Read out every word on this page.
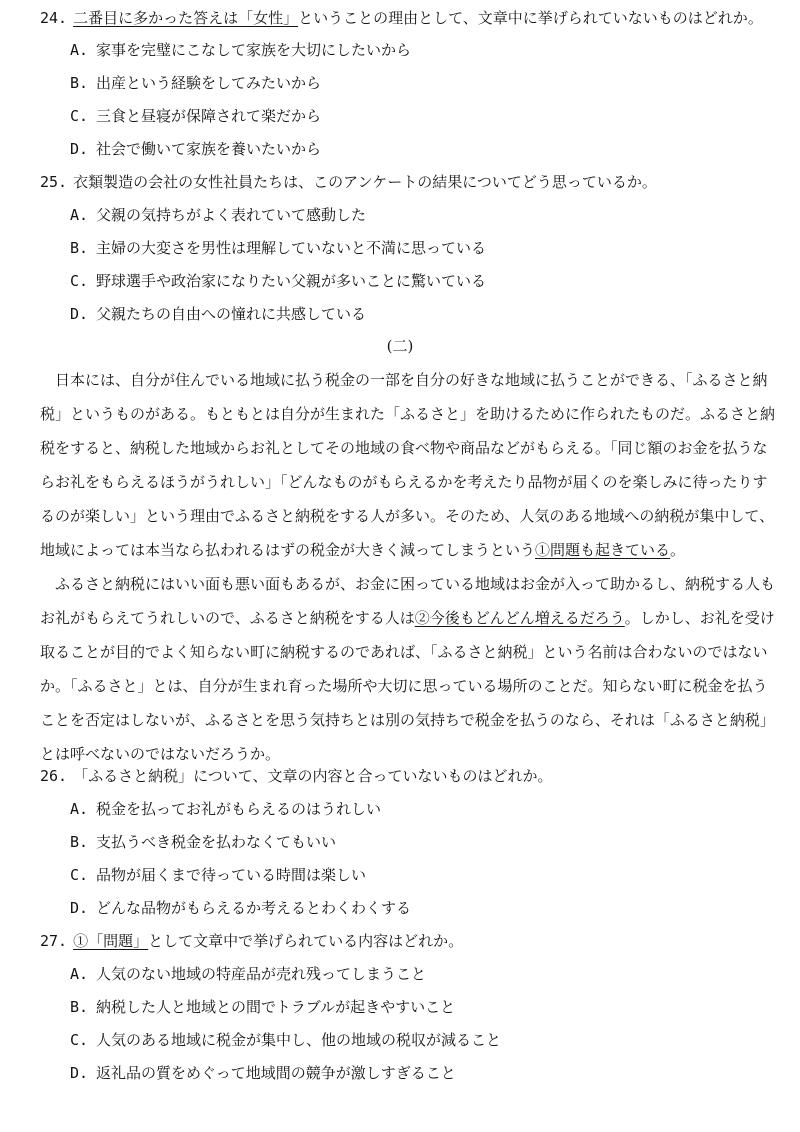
24. 二番目に多かった答えは「女性」ということの理由として、文章中に挙げられていないものはどれか。
A. 家事を完璧にこなして家族を大切にしたいから
B. 出産という経験をしてみたいから
C. 三食と昼寝が保障されて楽だから
D. 社会で働いて家族を養いたいから
25. 衣類製造の会社の女性社員たちは、このアンケートの結果についてどう思っているか。
A. 父親の気持ちがよく表れていて感動した
B. 主婦の大変さを男性は理解していないと不満に思っている
C. 野球選手や政治家になりたい父親が多いことに驚いている
D. 父親たちの自由への憧れに共感している
(二)
日本には、自分が住んでいる地域に払う税金の一部を自分の好きな地域に払うことができる、「ふるさと納
税」というものがある。もともとは自分が生まれた「ふるさと」を助けるために作られたものだ。ふるさと納
税をすると、納税した地域からお礼としてその地域の食べ物や商品などがもらえる。「同じ額のお金を払うな
らお礼をもらえるほうがうれしい」「どんなものがもらえるかを考えたり品物が届くのを楽しみに待ったりす
るのが楽しい」という理由でふるさと納税をする人が多い。そのため、人気のある地域への納税が集中して、
地域によっては本当なら払われるはずの税金が大きく減ってしまうという①問題も起きている。
ふるさと納税にはいい面も悪い面もあるが、お金に困っている地域はお金が入って助かるし、納税する人も
お礼がもらえてうれしいので、ふるさと納税をする人は②今後もどんどん増えるだろう。しかし、お礼を受け
取ることが目的でよく知らない町に納税するのであれば、「ふるさと納税」という名前は合わないのではない
か。「ふるさと」とは、自分が生まれ育った場所や大切に思っている場所のことだ。知らない町に税金を払う
ことを否定はしないが、ふるさとを思う気持ちとは別の気持ちで税金を払うのなら、それは「ふるさと納税」
とは呼べないのではないだろうか。
26. 「ふるさと納税」について、文章の内容と合っていないものはどれか。
A. 税金を払ってお礼がもらえるのはうれしい
B. 支払うべき税金を払わなくてもいい
C. 品物が届くまで待っている時間は楽しい
D. どんな品物がもらえるか考えるとわくわくする
27. ①「問題」として文章中で挙げられている内容はどれか。
A. 人気のない地域の特産品が売れ残ってしまうこと
B. 納税した人と地域との間でトラブルが起きやすいこと
C. 人気のある地域に税金が集中し、他の地域の税収が減ること
D. 返礼品の質をめぐって地域間の競争が激しすぎること
